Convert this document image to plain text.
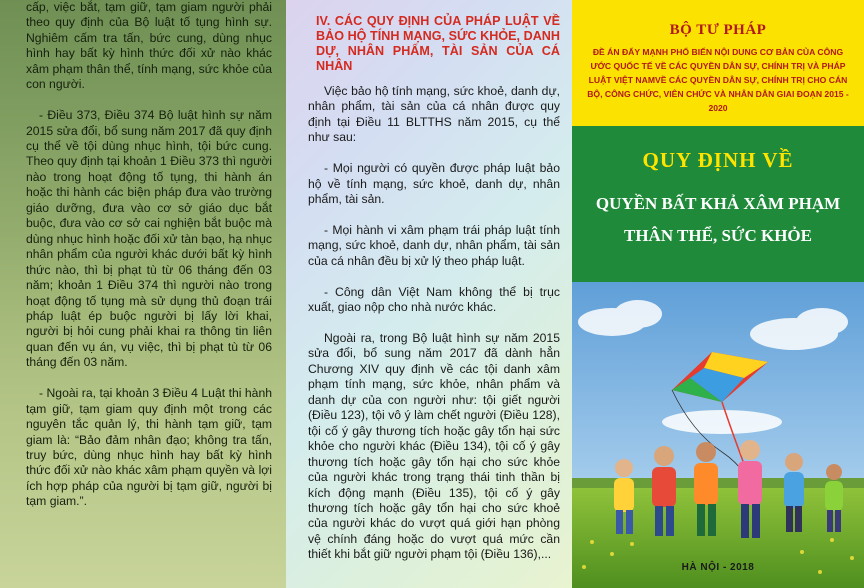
cấp, việc bắt, tạm giữ, tạm giam người phải theo quy định của Bộ luật tố tụng hình sự. Nghiêm cấm tra tấn, bức cung, dùng nhục hình hay bất kỳ hình thức đối xử nào khác xâm phạm thân thể, tính mạng, sức khỏe của con người.

- Điều 373, Điều 374 Bộ luật hình sự năm 2015 sửa đổi, bổ sung năm 2017 đã quy định cụ thể về tội dùng nhục hình, tội bức cung. Theo quy định tại khoản 1 Điều 373 thì người nào trong hoạt động tố tụng, thi hành án hoặc thi hành các biện pháp đưa vào trường giáo dưỡng, đưa vào cơ sở giáo dục bắt buộc, đưa vào cơ sở cai nghiện bắt buộc mà dùng nhục hình hoặc đối xử tàn bạo, hạ nhục nhân phẩm của người khác dưới bất kỳ hình thức nào, thì bị phạt tù từ 06 tháng đến 03 năm; khoản 1 Điều 374 thì người nào trong hoạt động tố tụng mà sử dụng thủ đoạn trái pháp luật ép buộc người bị lấy lời khai, người bị hỏi cung phải khai ra thông tin liên quan đến vụ án, vụ việc, thì bị phạt tù từ 06 tháng đến 03 năm.

- Ngoài ra, tại khoản 3 Điều 4 Luật thi hành tạm giữ, tạm giam quy định một trong các nguyên tắc quản lý, thi hành tạm giữ, tạm giam là: “Bảo đảm nhân đạo; không tra tấn, truy bức, dùng nhục hình hay bất kỳ hình thức đối xử nào khác xâm phạm quyền và lợi ích hợp pháp của người bị tạm giữ, người bị tạm giam.”.

IV. CÁC QUY ĐỊNH CỦA PHÁP LUẬT VỀ BẢO HỘ TÍNH MẠNG, SỨC KHỎE, DANH DỰ, NHÂN PHẨM, TÀI SẢN CỦA CÁ NHÂN

Việc bảo hộ tính mạng, sức khoẻ, danh dự, nhân phẩm, tài sản của cá nhân được quy định tại Điều 11 BLTTHS năm 2015, cụ thể như sau:

- Mọi người có quyền được pháp luật bảo hộ về tính mạng, sức khoẻ, danh dự, nhân phẩm, tài sản.

- Mọi hành vi xâm phạm trái pháp luật tính mạng, sức khoẻ, danh dự, nhân phẩm, tài sản của cá nhân đều bị xử lý theo pháp luật.

- Công dân Việt Nam không thể bị trục xuất, giao nộp cho nhà nước khác.

Ngoài ra, trong Bộ luật hình sự năm 2015 sửa đổi, bổ sung năm 2017 đã dành hẳn Chương XIV quy định về các tội danh xâm phạm tính mạng, sức khỏe, nhân phẩm và danh dự của con người như: tội giết người (Điều 123), tội vô ý làm chết người (Điều 128), tội cố ý gây thương tích hoặc gây tổn hại sức khỏe cho người khác (Điều 134), tội cố ý gây thương tích hoặc gây tổn hại cho sức khỏe của người khác trong trạng thái tinh thần bị kích động mạnh (Điều 135), tội cố ý gây thương tích hoặc gây tổn hại cho sức khoẻ của người khác do vượt quá giới hạn phòng vệ chính đáng hoặc do vượt quá mức cần thiết khi bắt giữ người phạm tội (Điều 136),...

BỘ TƯ PHÁP
ĐỀ ÁN ĐẨY MẠNH PHỔ BIẾN NỘI DUNG CƠ BẢN CỦA CÔNG ƯỚC QUỐC TẾ VỀ CÁC QUYỀN DÂN SỰ, CHÍNH TRỊ VÀ PHÁP LUẬT VIỆT NAMVỀ CÁC QUYỀN DÂN SỰ, CHÍNH TRỊ CHO CÁN BỘ, CÔNG CHỨC, VIÊN CHỨC VÀ NHÂN DÂN GIAI ĐOẠN 2015 - 2020
QUY ĐỊNH VỀ
QUYỀN BẤT KHẢ XÂM PHẠM
THÂN THỂ, SỨC KHỎE
HÀ NỘI - 2018
